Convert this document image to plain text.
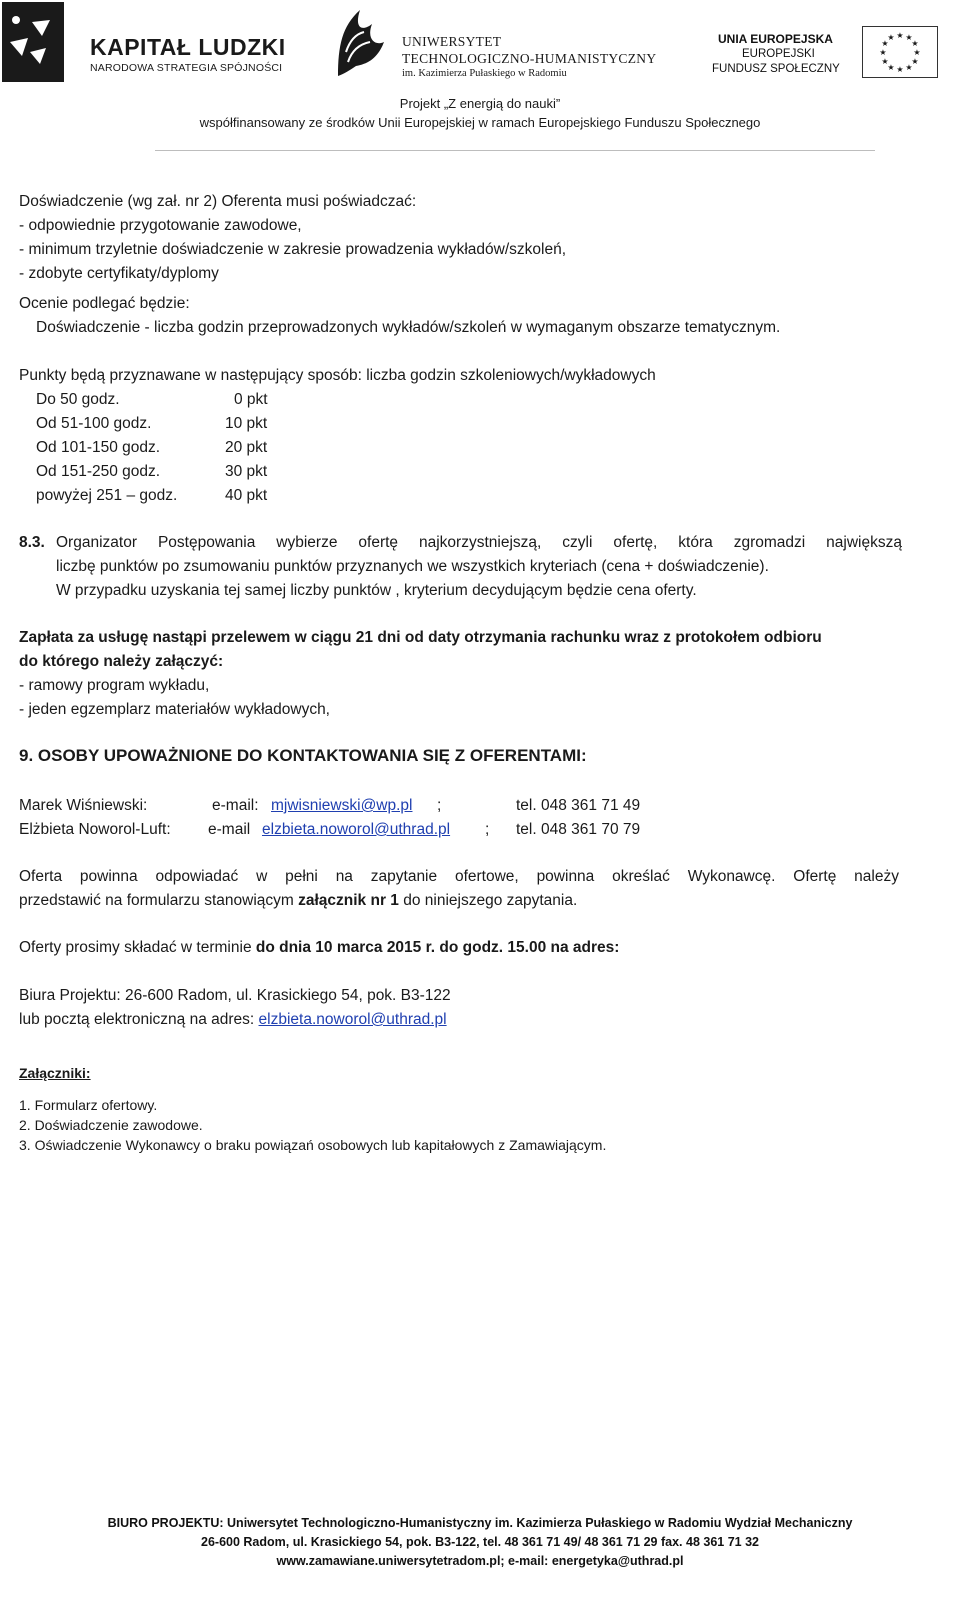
KAPITAŁ LUDZKI
NARODOWA STRATEGIA SPÓJNOŚCI
UNIWERSYTET
TECHNOLOGICZNO-HUMANISTYCZNY
im. Kazimierza Pułaskiego w Radomiu
UNIA EUROPEJSKA
EUROPEJSKI
FUNDUSZ SPOŁECZNY
★ ★
★
★
★
★
★
★
★
★
★
★
Projekt „Z energią do nauki”
współfinansowany ze środków Unii Europejskiej w ramach Europejskiego Funduszu Społecznego
Doświadczenie (wg zał. nr 2) Oferenta musi poświadczać:
- odpowiednie przygotowanie zawodowe,
- minimum trzyletnie doświadczenie w zakresie prowadzenia wykładów/szkoleń,
- zdobyte certyfikaty/dyplomy
Ocenie podlegać będzie:
Doświadczenie - liczba godzin przeprowadzonych wykładów/szkoleń w wymaganym obszarze tematycznym.
Punkty będą przyznawane w następujący sposób: liczba godzin szkoleniowych/wykładowych
Do 50 godz.	0 pkt
Od 51-100 godz.	10 pkt
Od 101-150 godz.	20 pkt
Od 151-250 godz.	30 pkt
powyżej 251 – godz.	40 pkt
8.3. Organizator Postępowania wybierze ofertę najkorzystniejszą, czyli ofertę, która zgromadzi największą
liczbę punktów po zsumowaniu punktów przyznanych we wszystkich kryteriach (cena + doświadczenie).
W przypadku uzyskania tej samej liczby punktów , kryterium decydującym będzie cena oferty.
Zapłata za usługę nastąpi przelewem w ciągu 21 dni od daty otrzymania rachunku wraz z protokołem odbioru
do którego należy załączyć:
- ramowy program wykładu,
- jeden egzemplarz materiałów wykładowych,
9. OSOBY UPOWAŻNIONE DO KONTAKTOWANIA SIĘ Z OFERENTAMI:
Marek Wiśniewski:	e-mail: mjwisniewski@wp.pl ;	tel. 048 361 71 49
Elżbieta Noworol-Luft: e-mail elzbieta.noworol@uthrad.pl ; tel. 048 361 70 79
Oferta powinna odpowiadać w pełni na zapytanie ofertowe, powinna określać Wykonawcę. Ofertę należy
przedstawić na formularzu stanowiącym załącznik nr 1 do niniejszego zapytania.
Oferty prosimy składać w terminie do dnia 10 marca 2015 r. do godz. 15.00 na adres:
Biura Projektu: 26-600 Radom, ul. Krasickiego 54, pok. B3-122
lub pocztą elektroniczną na adres: elzbieta.noworol@uthrad.pl
Załączniki:
1. Formularz ofertowy.
2. Doświadczenie zawodowe.
3. Oświadczenie Wykonawcy o braku powiązań osobowych lub kapitałowych z Zamawiającym.
BIURO PROJEKTU: Uniwersytet Technologiczno-Humanistyczny im. Kazimierza Pułaskiego w Radomiu Wydział Mechaniczny
26-600 Radom, ul. Krasickiego 54, pok. B3-122, tel. 48 361 71 49/ 48 361 71 29 fax. 48 361 71 32
www.zamawiane.uniwersytetradom.pl; e-mail: energetyka@uthrad.pl
